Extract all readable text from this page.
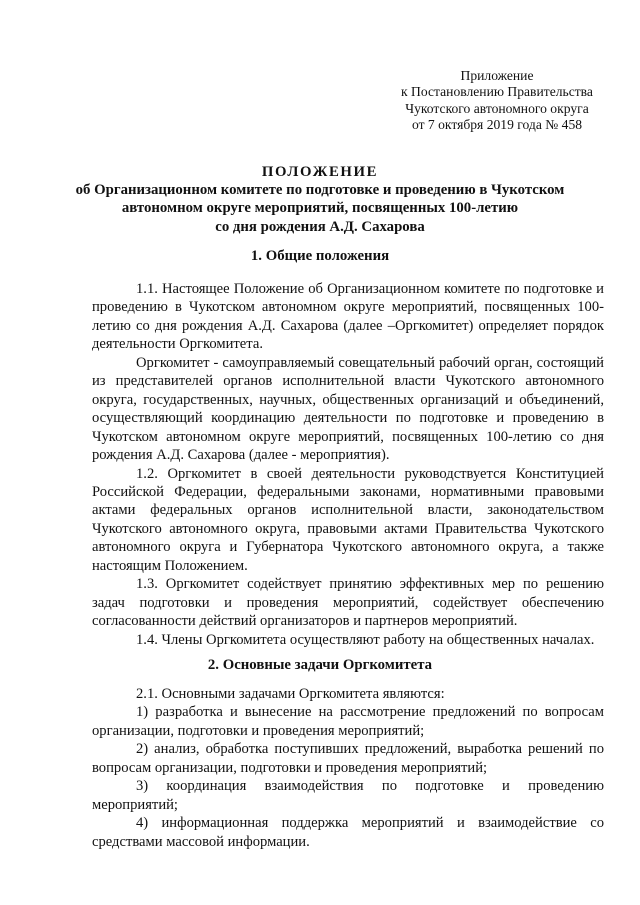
Приложение
к Постановлению Правительства
Чукотского автономного округа
от 7 октября 2019 года № 458
ПОЛОЖЕНИЕ
об Организационном комитете по подготовке и проведению в Чукотском
автономном округе мероприятий, посвященных 100-летию
со дня рождения А.Д. Сахарова
1. Общие положения

1.1. Настоящее Положение об Организационном комитете по подготовке и проведению в Чукотском автономном округе мероприятий, посвященных 100-летию со дня рождения А.Д. Сахарова (далее –Оргкомитет) определяет порядок деятельности Оргкомитета.

Оргкомитет - самоуправляемый совещательный рабочий орган, состоящий из представителей органов исполнительной власти Чукотского автономного округа, государственных, научных, общественных организаций и объединений, осуществляющий координацию деятельности по подготовке и проведению в Чукотском автономном округе мероприятий, посвященных 100-летию со дня рождения А.Д. Сахарова (далее - мероприятия).

1.2. Оргкомитет в своей деятельности руководствуется Конституцией Российской Федерации, федеральными законами, нормативными правовыми актами федеральных органов исполнительной власти, законодательством Чукотского автономного округа, правовыми актами Правительства Чукотского автономного округа и Губернатора Чукотского автономного округа, а также настоящим Положением.

1.3. Оргкомитет содействует принятию эффективных мер по решению задач подготовки и проведения мероприятий, содействует обеспечению согласованности действий организаторов и партнеров мероприятий.

1.4. Члены Оргкомитета осуществляют работу на общественных началах.

2. Основные задачи Оргкомитета

2.1. Основными задачами Оргкомитета являются:

1) разработка и вынесение на рассмотрение предложений по вопросам организации, подготовки и проведения мероприятий;

2) анализ, обработка поступивших предложений, выработка решений по вопросам организации, подготовки и проведения мероприятий;

3) координация взаимодействия по подготовке и проведению мероприятий;

4) информационная поддержка мероприятий и взаимодействие со средствами массовой информации.
